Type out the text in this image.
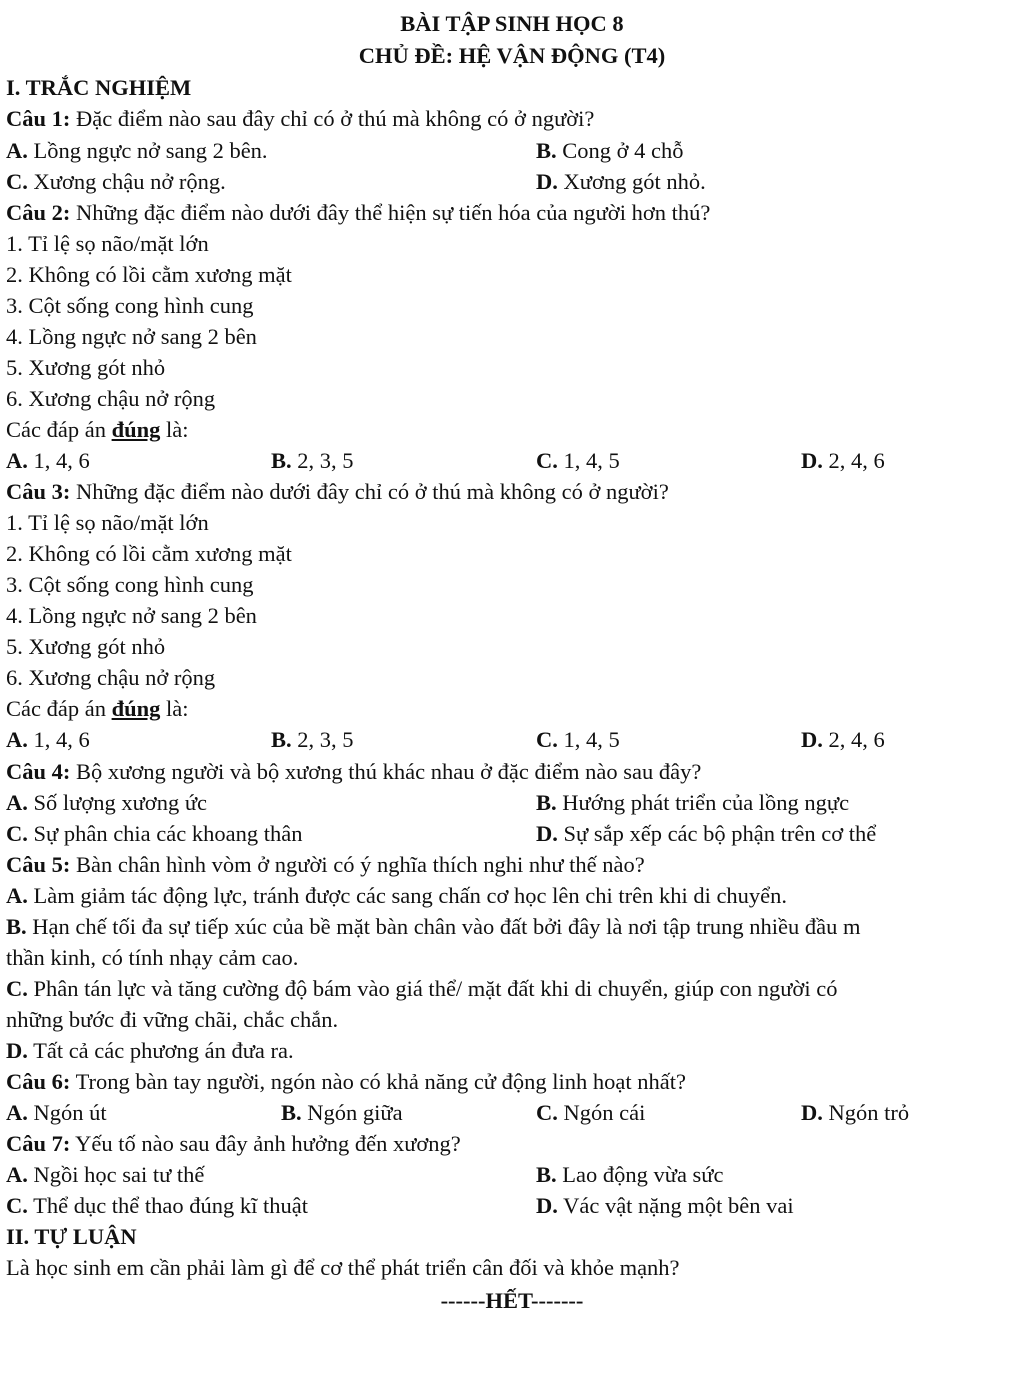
BÀI TẬP SINH HỌC 8
CHỦ ĐỀ: HỆ VẬN ĐỘNG (T4)
I. TRẮC NGHIỆM
Câu 1: Đặc điểm nào sau đây chỉ có ở thú mà không có ở người?
A. Lồng ngực nở sang 2 bên.	B. Cong ở 4 chỗ
C. Xương chậu nở rộng.	D. Xương gót nhỏ.
Câu 2: Những đặc điểm nào dưới đây thể hiện sự tiến hóa của người hơn thú?
1. Tỉ lệ sọ não/mặt lớn
2. Không có lồi cằm xương mặt
3. Cột sống cong hình cung
4. Lồng ngực nở sang 2 bên
5. Xương gót nhỏ
6. Xương chậu nở rộng
Các đáp án đúng là:
A. 1, 4, 6	B. 2, 3, 5	C. 1, 4, 5	D. 2, 4, 6
Câu 3: Những đặc điểm nào dưới đây chỉ có ở thú mà không có ở người?
1. Tỉ lệ sọ não/mặt lớn
2. Không có lồi cằm xương mặt
3. Cột sống cong hình cung
4. Lồng ngực nở sang 2 bên
5. Xương gót nhỏ
6. Xương chậu nở rộng
Các đáp án đúng là:
A. 1, 4, 6	B. 2, 3, 5	C. 1, 4, 5	D. 2, 4, 6
Câu 4: Bộ xương người và bộ xương thú khác nhau ở đặc điểm nào sau đây?
A. Số lượng xương ức	B. Hướng phát triển của lồng ngực
C. Sự phân chia các khoang thân	D. Sự sắp xếp các bộ phận trên cơ thể
Câu 5: Bàn chân hình vòm ở người có ý nghĩa thích nghi như thế nào?
A. Làm giảm tác động lực, tránh được các sang chấn cơ học lên chi trên khi di chuyển.
B. Hạn chế tối đa sự tiếp xúc của bề mặt bàn chân vào đất bởi đây là nơi tập trung nhiều đầu m
thần kinh, có tính nhạy cảm cao.
C. Phân tán lực và tăng cường độ bám vào giá thể/ mặt đất khi di chuyển, giúp con người có
những bước đi vững chãi, chắc chắn.
D. Tất cả các phương án đưa ra.
Câu 6: Trong bàn tay người, ngón nào có khả năng cử động linh hoạt nhất?
A. Ngón út	B. Ngón giữa	C. Ngón cái	D. Ngón trỏ
Câu 7: Yếu tố nào sau đây ảnh hưởng đến xương?
A. Ngồi học sai tư thế	B. Lao động vừa sức
C. Thể dục thể thao đúng kĩ thuật	D. Vác vật nặng một bên vai
II. TỰ LUẬN
Là học sinh em cần phải làm gì để cơ thể phát triển cân đối và khỏe mạnh?
------HẾT-------
